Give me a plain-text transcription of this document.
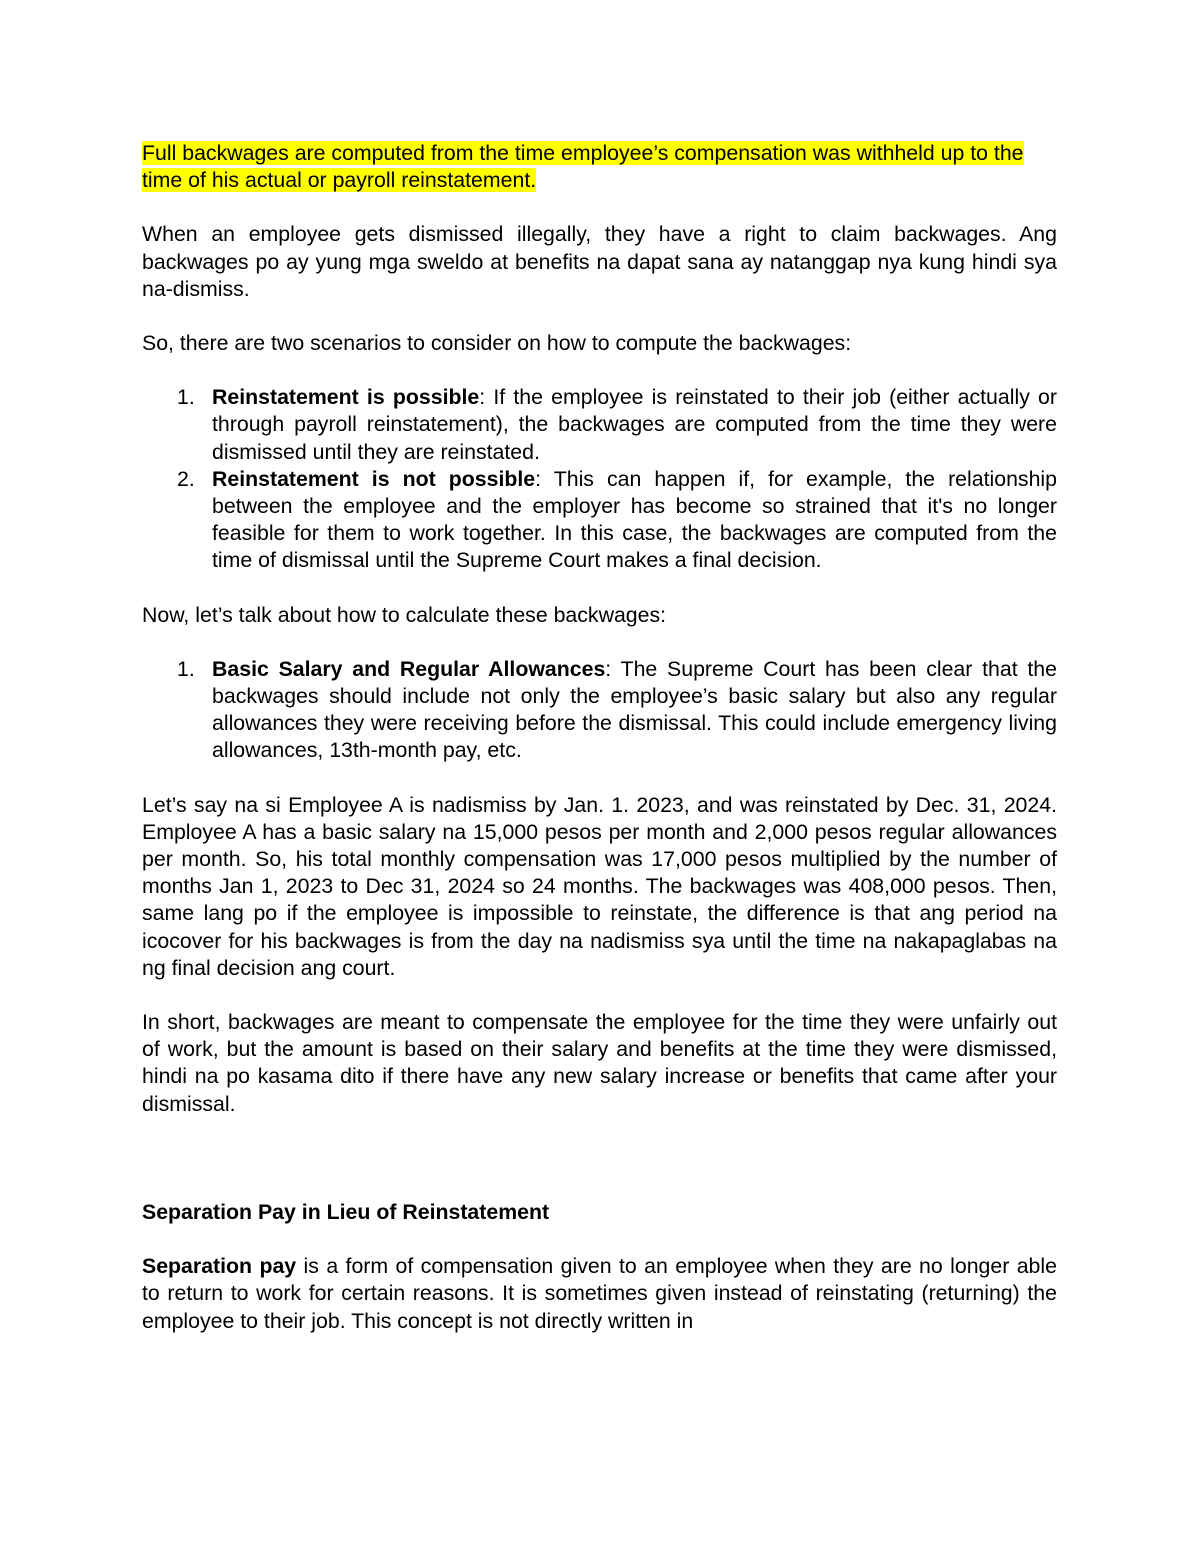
Full backwages are computed from the time employee’s compensation was withheld up to the time of his actual or payroll reinstatement.

When an employee gets dismissed illegally, they have a right to claim backwages. Ang backwages po ay yung mga sweldo at benefits na dapat sana ay natanggap nya kung hindi sya na-dismiss.

So, there are two scenarios to consider on how to compute the backwages:

1. Reinstatement is possible: If the employee is reinstated to their job (either actually or through payroll reinstatement), the backwages are computed from the time they were dismissed until they are reinstated.
2. Reinstatement is not possible: This can happen if, for example, the relationship between the employee and the employer has become so strained that it's no longer feasible for them to work together. In this case, the backwages are computed from the time of dismissal until the Supreme Court makes a final decision.

Now, let’s talk about how to calculate these backwages:

1. Basic Salary and Regular Allowances: The Supreme Court has been clear that the backwages should include not only the employee’s basic salary but also any regular allowances they were receiving before the dismissal. This could include emergency living allowances, 13th-month pay, etc.

Let’s say na si Employee A is nadismiss by Jan. 1. 2023, and was reinstated by Dec. 31, 2024. Employee A has a basic salary na 15,000 pesos per month and 2,000 pesos regular allowances per month. So, his total monthly compensation was 17,000 pesos multiplied by the number of months Jan 1, 2023 to Dec 31, 2024 so 24 months. The backwages was 408,000 pesos. Then, same lang po if the employee is impossible to reinstate, the difference is that ang period na icocover for his backwages is from the day na nadismiss sya until the time na nakapaglabas na ng final decision ang court.

In short, backwages are meant to compensate the employee for the time they were unfairly out of work, but the amount is based on their salary and benefits at the time they were dismissed, hindi na po kasama dito if there have any new salary increase or benefits that came after your dismissal.

Separation Pay in Lieu of Reinstatement

Separation pay is a form of compensation given to an employee when they are no longer able to return to work for certain reasons. It is sometimes given instead of reinstating (returning) the employee to their job. This concept is not directly written in
